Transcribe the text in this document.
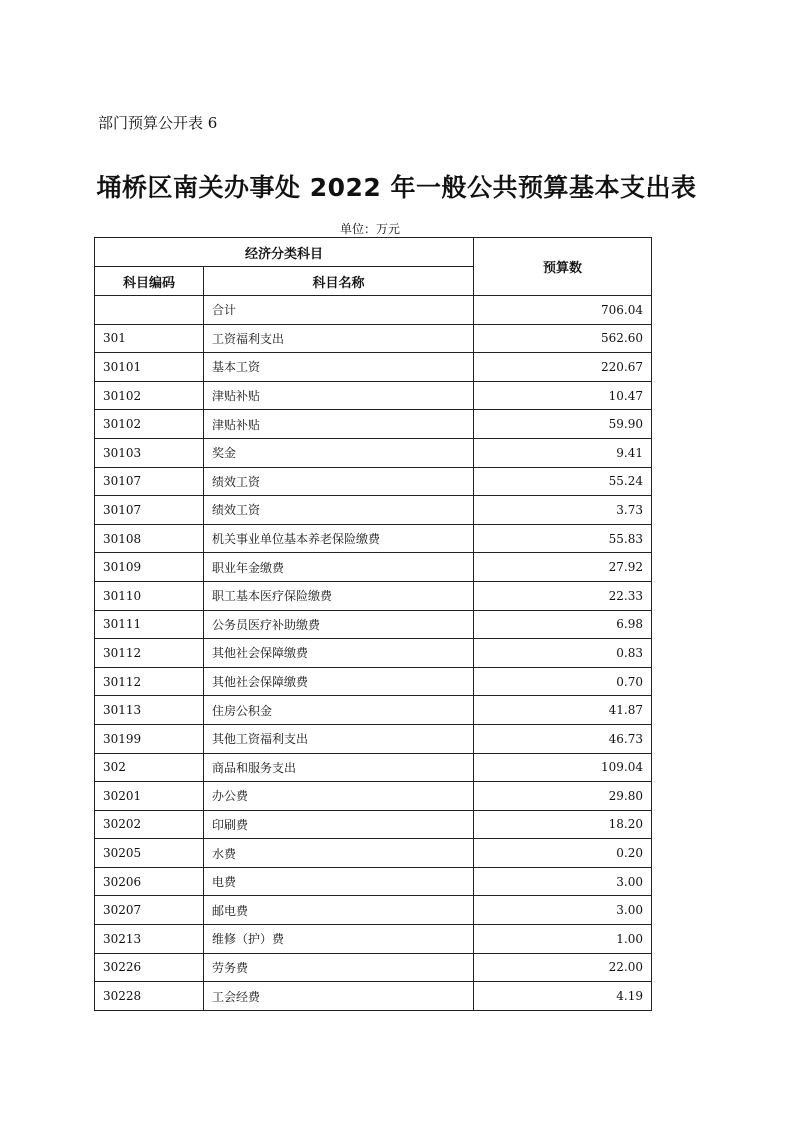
部门预算公开表 6
埇桥区南关办事处 2022 年一般公共预算基本支出表
单位：万元
经济分类科目		预算数
科目编码	科目名称	
	合计	706.04
301	工资福利支出	562.60
30101	基本工资	220.67
30102	津贴补贴	10.47
30102	津贴补贴	59.90
30103	奖金	9.41
30107	绩效工资	55.24
30107	绩效工资	3.73
30108	机关事业单位基本养老保险缴费	55.83
30109	职业年金缴费	27.92
30110	职工基本医疗保险缴费	22.33
30111	公务员医疗补助缴费	6.98
30112	其他社会保障缴费	0.83
30112	其他社会保障缴费	0.70
30113	住房公积金	41.87
30199	其他工资福利支出	46.73
302	商品和服务支出	109.04
30201	办公费	29.80
30202	印刷费	18.20
30205	水费	0.20
30206	电费	3.00
30207	邮电费	3.00
30213	维修（护）费	1.00
30226	劳务费	22.00
30228	工会经费	4.19
